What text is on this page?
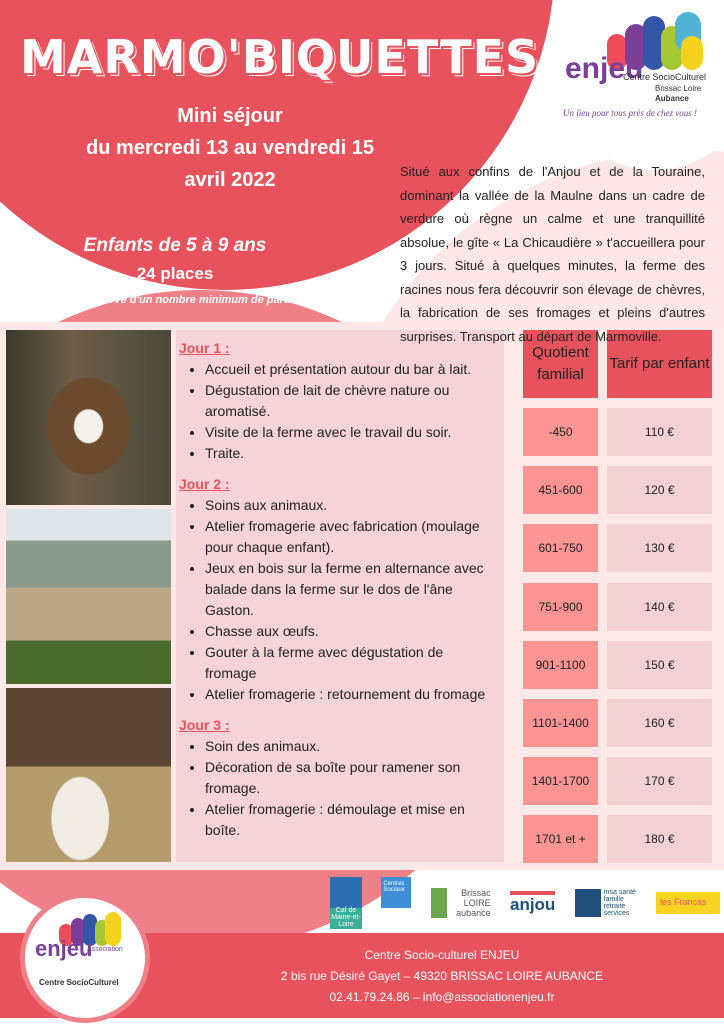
MARMO'BIQUETTES
Mini séjour
du mercredi 13 au vendredi 15
avril 2022
enjeu
Centre SocioCulturel
Brissac Loire
Aubance
Un lieu pour tous près de chez vous !
Enfants de 5 à 9 ans
24 places
Départ sous réserve d'un nombre minimum de participants
Situé aux confins de l'Anjou et de la Touraine, dominant la vallée de la Maulne dans un cadre de verdure où règne un calme et une tranquillité absolue, le gîte « La Chicaudière » t'accueillera pour 3 jours. Situé à quelques minutes, la ferme des racines nous fera découvrir son élevage de chèvres, la fabrication de ses fromages et pleins d'autres surprises. Transport au départ de Marmoville.
Jour 1 :
• Accueil et présentation autour du bar à lait.
• Dégustation de lait de chèvre nature ou aromatisé.
• Visite de la ferme avec le travail du soir.
• Traite.
Jour 2 :
• Soins aux animaux.
• Atelier fromagerie avec fabrication (moulage pour chaque enfant).
• Jeux en bois sur la ferme en alternance avec balade dans la ferme sur le dos de l'âne Gaston.
• Chasse aux œufs.
• Gouter à la ferme avec dégustation de fromage
• Atelier fromagerie : retournement du fromage
Jour 3 :
• Soin des animaux.
• Décoration de sa boîte pour ramener son fromage.
• Atelier fromagerie : démoulage et mise en boîte.
Quotient familial
Tarif par enfant
-450	110 €
451-600	120 €
601-750	130 €
751-900	140 €
901-1100	150 €
1101-1400	160 €
1401-1700	170 €
1701 et +	180 €
Caf de Maine-et-Loire
Centres Sociaux	Brissac LOIRE aubance anjou
msa santé famille retraite services
les Francas
Centre Socio-culturel ENJEU
2 bis rue Désiré Gayet – 49320 BRISSAC LOIRE AUBANCE
02.41.79.24.86 – info@associationenjeu.fr
enjeu
Association
Centre SocioCulturel
